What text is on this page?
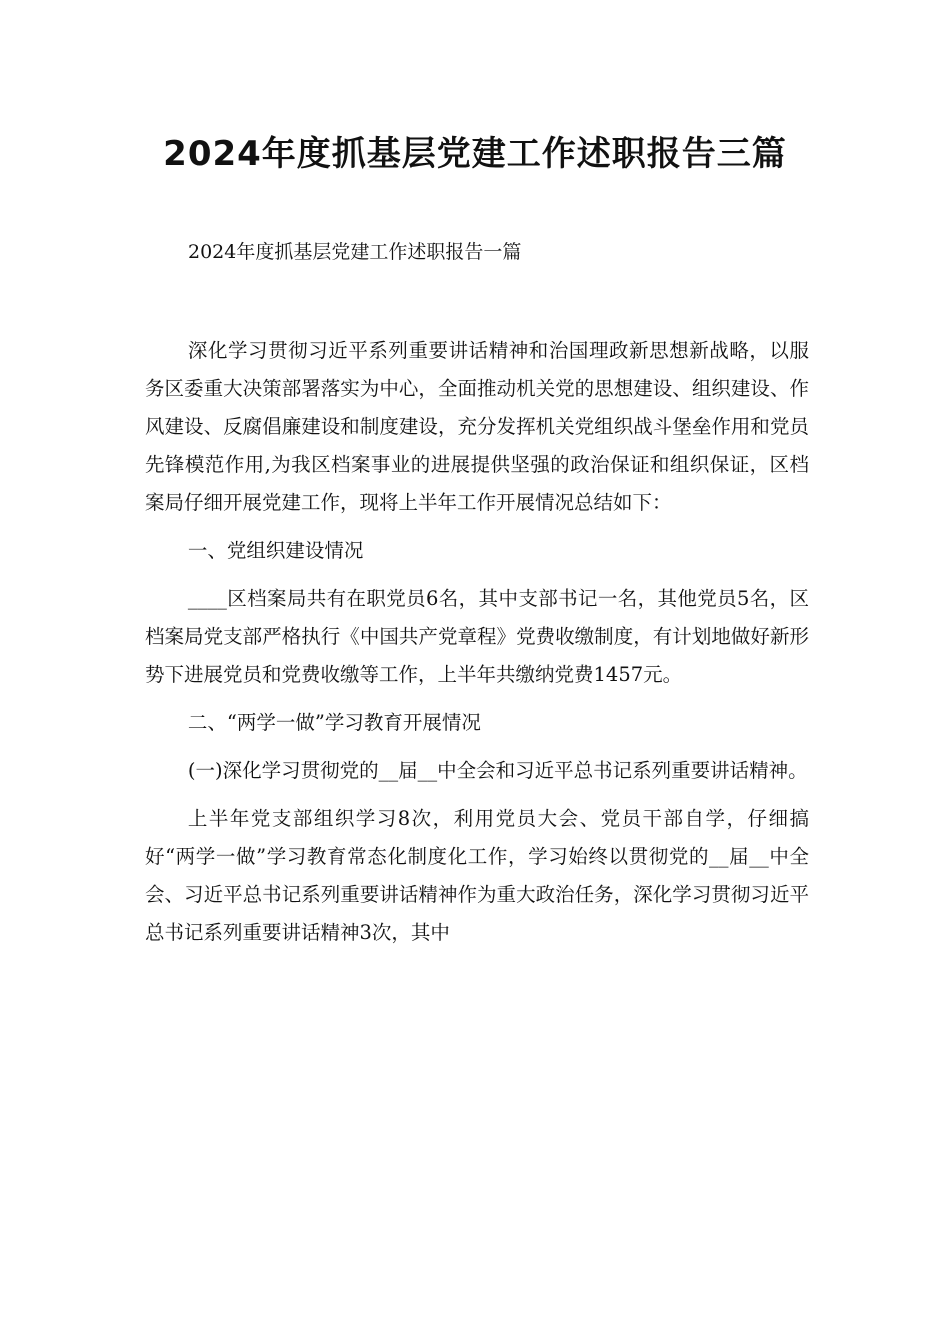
2024年度抓基层党建工作述职报告三篇

2024年度抓基层党建工作述职报告一篇

深化学习贯彻习近平系列重要讲话精神和治国理政新思想新战略，以服务区委重大决策部署落实为中心，全面推动机关党的思想建设、组织建设、作风建设、反腐倡廉建设和制度建设，充分发挥机关党组织战斗堡垒作用和党员先锋模范作用,为我区档案事业的进展提供坚强的政治保证和组织保证，区档案局仔细开展党建工作，现将上半年工作开展情况总结如下：

一、党组织建设情况

____区档案局共有在职党员6名，其中支部书记一名，其他党员5名，区档案局党支部严格执行《中国共产党章程》党费收缴制度，有计划地做好新形势下进展党员和党费收缴等工作，上半年共缴纳党费1457元。

二、“两学一做”学习教育开展情况

(一)深化学习贯彻党的__届__中全会和习近平总书记系列重要讲话精神。

上半年党支部组织学习8次，利用党员大会、党员干部自学，仔细搞好“两学一做”学习教育常态化制度化工作，学习始终以贯彻党的__届__中全会、习近平总书记系列重要讲话精神作为重大政治任务，深化学习贯彻习近平总书记系列重要讲话精神3次，其中
